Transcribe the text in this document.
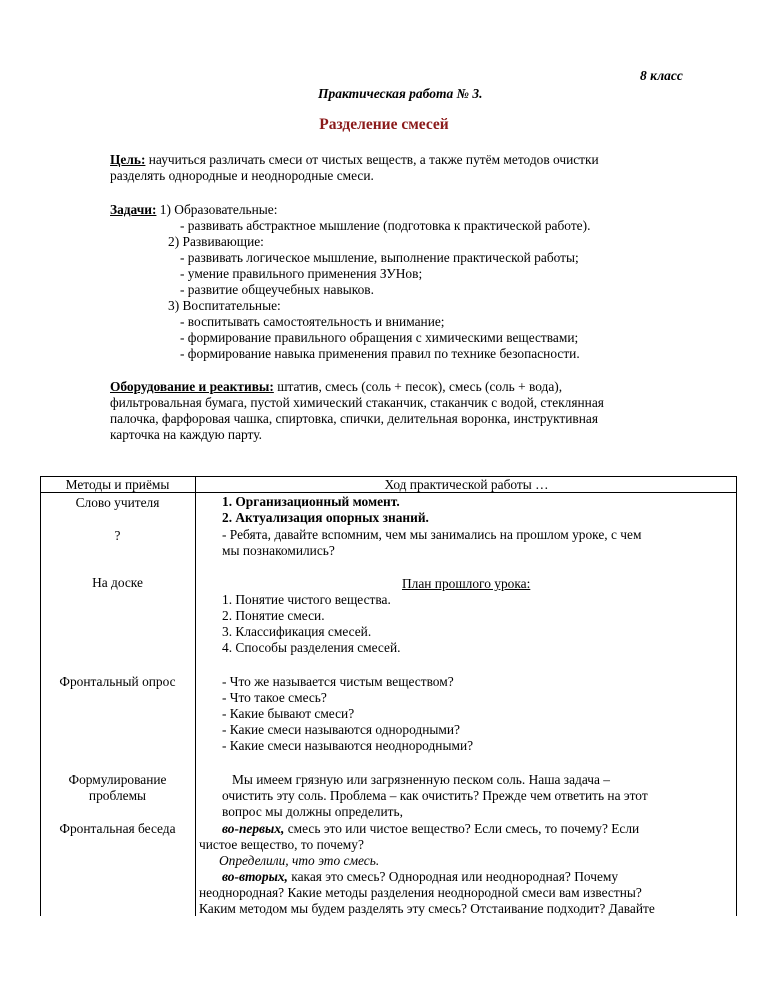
8 класс
Практическая работа № 3.
Разделение смесей
Цель: научиться различать смеси от чистых веществ, а также путём методов очистки
разделять однородные и неоднородные смеси.
Задачи: 1) Образовательные:
- развивать абстрактное мышление (подготовка к практической работе).
2) Развивающие:
- развивать логическое мышление, выполнение практической работы;
- умение правильного применения ЗУНов;
- развитие общеучебных навыков.
3) Воспитательные:
- воспитывать самостоятельность и внимание;
- формирование правильного обращения с химическими веществами;
- формирование навыка применения правил по технике безопасности.
Оборудование и реактивы: штатив, смесь (соль + песок), смесь (соль + вода),
фильтровальная бумага, пустой химический стаканчик, стаканчик с водой, стеклянная
палочка, фарфоровая чашка, спиртовка, спички, делительная воронка, инструктивная
карточка на каждую парту.
Методы и приёмы	Ход практической работы …
Слово учителя
?
На доске
Фронтальный опрос
Формулирование
проблемы
Фронтальная беседа
1. Организационный момент.
2. Актуализация опорных знаний.
- Ребята, давайте вспомним, чем мы занимались на прошлом уроке, с чем
мы познакомились?
План прошлого урока:
1. Понятие чистого вещества.
2. Понятие смеси.
3. Классификация смесей.
4. Способы разделения смесей.
- Что же называется чистым веществом?
- Что такое смесь?
- Какие бывают смеси?
- Какие смеси называются однородными?
- Какие смеси называются неоднородными?
Мы имеем грязную или загрязненную песком соль. Наша задача –
очистить эту соль. Проблема – как очистить? Прежде чем ответить на этот
вопрос мы должны определить,
во-первых, смесь это или чистое вещество? Если смесь, то почему? Если
чистое вещество, то почему?
Определили, что это смесь.
во-вторых, какая это смесь? Однородная или неоднородная? Почему
неоднородная? Какие методы разделения неоднородной смеси вам известны?
Каким методом мы будем разделять эту смесь? Отстаивание подходит? Давайте
